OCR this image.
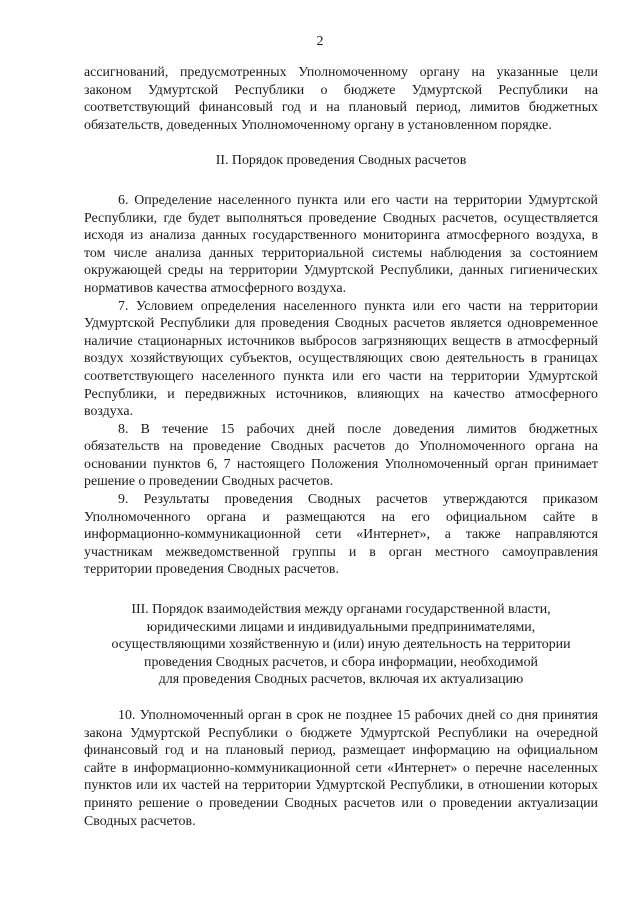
2

ассигнований, предусмотренных Уполномоченному органу на указанные цели законом Удмуртской Республики о бюджете Удмуртской Республики на соответствующий финансовый год и на плановый период, лимитов бюджетных обязательств, доведенных Уполномоченному органу в установленном порядке.

II. Порядок проведения Сводных расчетов

6. Определение населенного пункта или его части на территории Удмуртской Республики, где будет выполняться проведение Сводных расчетов, осуществляется исходя из анализа данных государственного мониторинга атмосферного воздуха, в том числе анализа данных территориальной системы наблюдения за состоянием окружающей среды на территории Удмуртской Республики, данных гигиенических нормативов качества атмосферного воздуха.

7. Условием определения населенного пункта или его части на территории Удмуртской Республики для проведения Сводных расчетов является одновременное наличие стационарных источников выбросов загрязняющих веществ в атмосферный воздух хозяйствующих субъектов, осуществляющих свою деятельность в границах соответствующего населенного пункта или его части на территории Удмуртской Республики, и передвижных источников, влияющих на качество атмосферного воздуха.

8. В течение 15 рабочих дней после доведения лимитов бюджетных обязательств на проведение Сводных расчетов до Уполномоченного органа на основании пунктов 6, 7 настоящего Положения Уполномоченный орган принимает решение о проведении Сводных расчетов.

9. Результаты проведения Сводных расчетов утверждаются приказом Уполномоченного органа и размещаются на его официальном сайте в информационно-коммуникационной сети «Интернет», а также направляются участникам межведомственной группы и в орган местного самоуправления территории проведения Сводных расчетов.

III. Порядок взаимодействия между органами государственной власти,

юридическими лицами и индивидуальными предпринимателями,

осуществляющими хозяйственную и (или) иную деятельность на территории

проведения Сводных расчетов, и сбора информации, необходимой

для проведения Сводных расчетов, включая их актуализацию

10. Уполномоченный орган в срок не позднее 15 рабочих дней со дня принятия закона Удмуртской Республики о бюджете Удмуртской Республики на очередной финансовый год и на плановый период, размещает информацию на официальном сайте в информационно-коммуникационной сети «Интернет» о перечне населенных пунктов или их частей на территории Удмуртской Республики, в отношении которых принято решение о проведении Сводных расчетов или о проведении актуализации Сводных расчетов.
